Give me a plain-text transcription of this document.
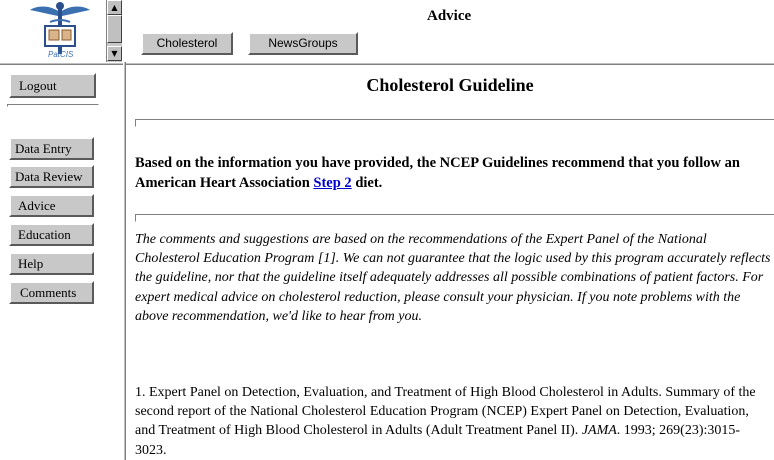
PatCIS
▲
▼
Advice
Cholesterol	NewsGroups
Logout
Data Entry
Data Review
Advice
Education
Help
Comments
Cholesterol Guideline
Based on the information you have provided, the NCEP Guidelines recommend that you follow an American Heart Association Step 2 diet.
The comments and suggestions are based on the recommendations of the Expert Panel of the National Cholesterol Education Program [1]. We can not guarantee that the logic used by this program accurately reflects the guideline, nor that the guideline itself adequately addresses all possible combinations of patient factors. For expert medical advice on cholesterol reduction, please consult your physician. If you note problems with the above recommendation, we'd like to hear from you.
1. Expert Panel on Detection, Evaluation, and Treatment of High Blood Cholesterol in Adults. Summary of the second report of the National Cholesterol Education Program (NCEP) Expert Panel on Detection, Evaluation, and Treatment of High Blood Cholesterol in Adults (Adult Treatment Panel II). JAMA. 1993; 269(23):3015-3023.
